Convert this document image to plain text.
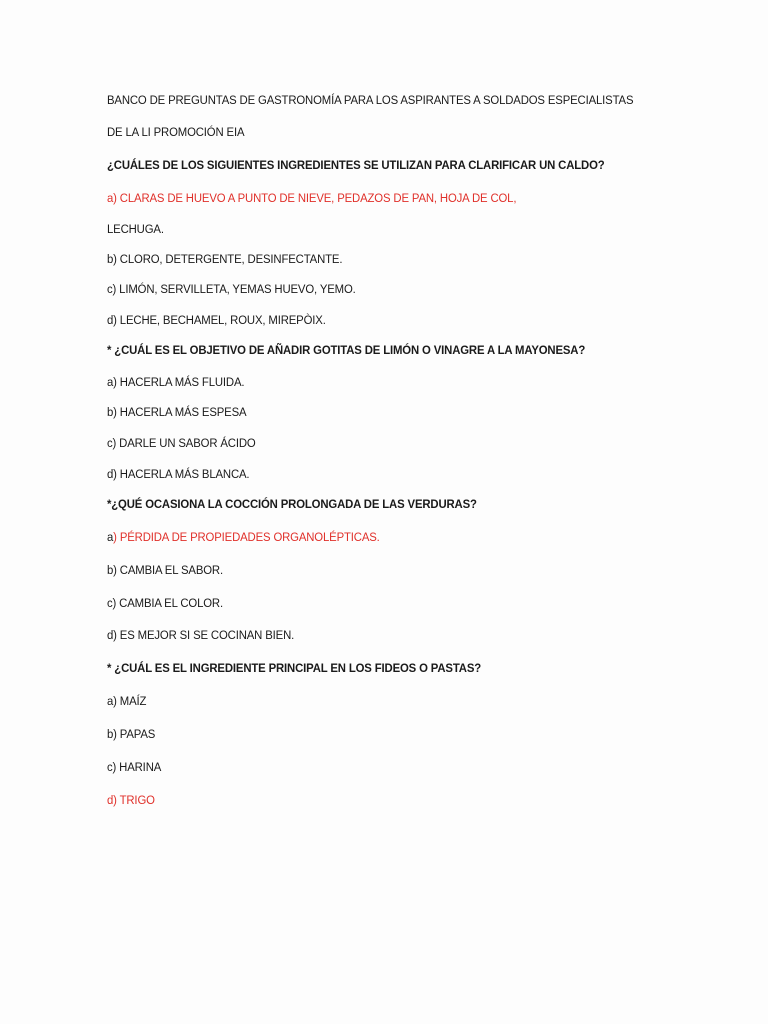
BANCO DE PREGUNTAS DE GASTRONOMÍA PARA LOS ASPIRANTES A SOLDADOS ESPECIALISTAS
DE LA LI PROMOCIÓN EIA
¿CUÁLES DE LOS SIGUIENTES INGREDIENTES SE UTILIZAN PARA CLARIFICAR UN CALDO?
a) CLARAS DE HUEVO A PUNTO DE NIEVE, PEDAZOS DE PAN, HOJA DE COL,
LECHUGA.
b) CLORO, DETERGENTE, DESINFECTANTE.
c) LIMÓN, SERVILLETA, YEMAS HUEVO, YEMO.
d) LECHE, BECHAMEL, ROUX, MIREPÒIX.
* ¿CUÁL ES EL OBJETIVO DE AÑADIR GOTITAS DE LIMÓN O VINAGRE A LA MAYONESA?
a) HACERLA MÁS FLUIDA.
b) HACERLA MÁS ESPESA
c) DARLE UN SABOR ÁCIDO
d) HACERLA MÁS BLANCA.
*¿QUÉ OCASIONA LA COCCIÓN PROLONGADA DE LAS VERDURAS?
a) PÉRDIDA DE PROPIEDADES ORGANOLÉPTICAS.
b) CAMBIA EL SABOR.
c) CAMBIA EL COLOR.
d) ES MEJOR SI SE COCINAN BIEN.
* ¿CUÁL ES EL INGREDIENTE PRINCIPAL EN LOS FIDEOS O PASTAS?
a) MAÍZ
b) PAPAS
c) HARINA
d) TRIGO
